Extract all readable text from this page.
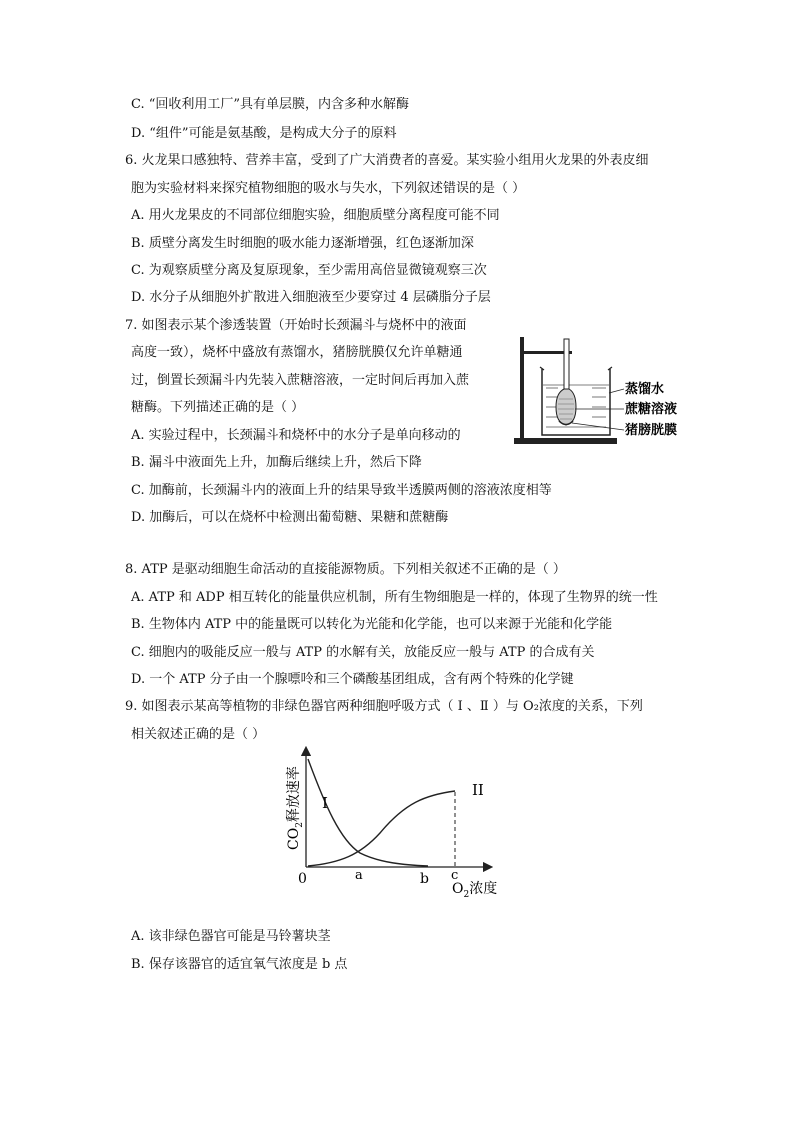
C. “回收利用工厂”具有单层膜，内含多种水解酶
D. “组件”可能是氨基酸，是构成大分子的原料
6. 火龙果口感独特、营养丰富，受到了广大消费者的喜爱。某实验小组用火龙果的外表皮细
胞为实验材料来探究植物细胞的吸水与失水，下列叙述错误的是（ ）
A. 用火龙果皮的不同部位细胞实验，细胞质壁分离程度可能不同
B. 质壁分离发生时细胞的吸水能力逐渐增强，红色逐渐加深
C. 为观察质壁分离及复原现象，至少需用高倍显微镜观察三次
D. 水分子从细胞外扩散进入细胞液至少要穿过 4 层磷脂分子层
7. 如图表示某个渗透装置（开始时长颈漏斗与烧杯中的液面
高度一致），烧杯中盛放有蒸馏水，猪膀胱膜仅允许单糖通
过，倒置长颈漏斗内先装入蔗糖溶液，一定时间后再加入蔗
糖酶。下列描述正确的是（ ）
A. 实验过程中，长颈漏斗和烧杯中的水分子是单向移动的
B. 漏斗中液面先上升，加酶后继续上升，然后下降
C. 加酶前，长颈漏斗内的液面上升的结果导致半透膜两侧的溶液浓度相等
D. 加酶后，可以在烧杯中检测出葡萄糖、果糖和蔗糖酶
蒸馏水
蔗糖溶液
猪膀胱膜
8. ATP 是驱动细胞生命活动的直接能源物质。下列相关叙述不正确的是（ ）
A. ATP 和 ADP 相互转化的能量供应机制，所有生物细胞是一样的，体现了生物界的统一性
B. 生物体内 ATP 中的能量既可以转化为光能和化学能，也可以来源于光能和化学能
C. 细胞内的吸能反应一般与 ATP 的水解有关，放能反应一般与 ATP 的合成有关
D. 一个 ATP 分子由一个腺嘌呤和三个磷酸基团组成，含有两个特殊的化学键
9. 如图表示某高等植物的非绿色器官两种细胞呼吸方式（ Ⅰ 、Ⅱ ）与 O₂浓度的关系，下列
相关叙述正确的是（ ）
I
II
0	a	b c
$O_2$浓度
$CO_2$释放速率
A. 该非绿色器官可能是马铃薯块茎
B. 保存该器官的适宜氧气浓度是 b 点
